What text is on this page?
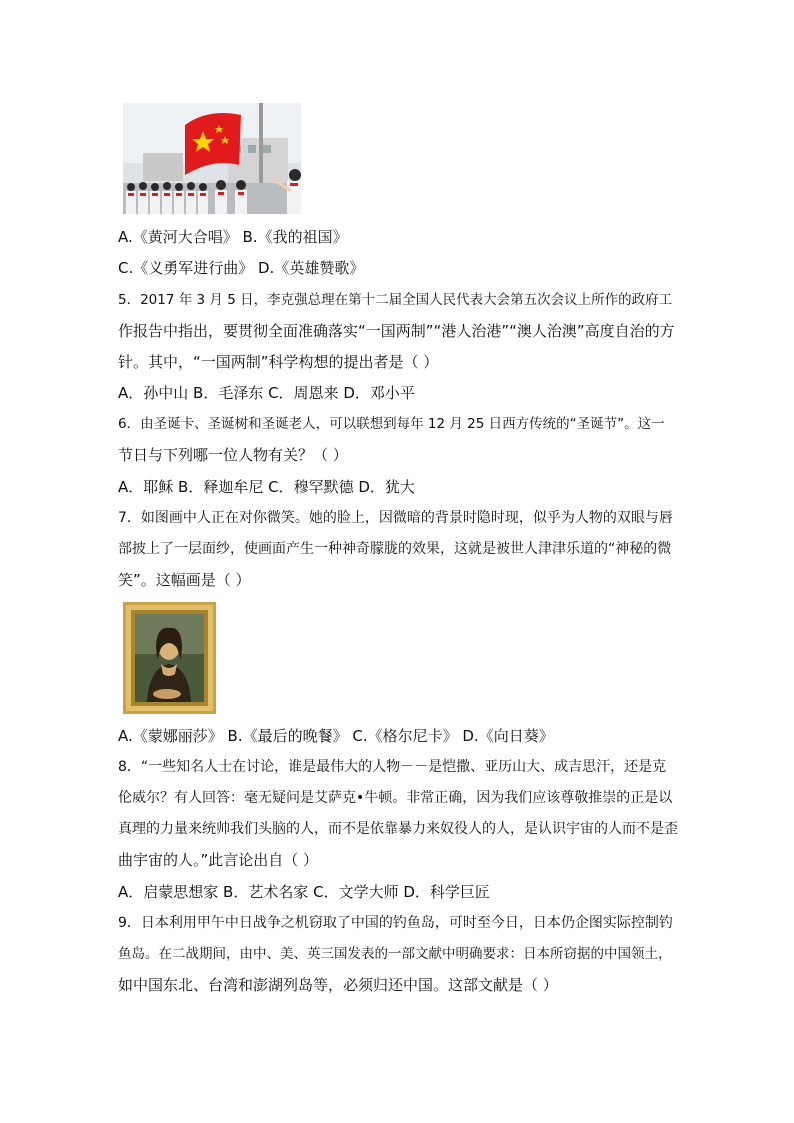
A.《黄河大合唱》 B.《我的祖国》
C.《义勇军进行曲》 D.《英雄赞歌》
5．2017 年 3 月 5 日，李克强总理在第十二届全国人民代表大会第五次会议上所作的政府工
作报告中指出，要贯彻全面准确落实“一国两制”“港人治港”“澳人治澳”高度自治的方
针。其中，“一国两制”科学构想的提出者是（ ）
A．孙中山 B．毛泽东 C．周恩来 D．邓小平
6．由圣诞卡、圣诞树和圣诞老人，可以联想到每年 12 月 25 日西方传统的“圣诞节”。这一
节日与下列哪一位人物有关？（ ）
A．耶稣 B．释迦牟尼 C．穆罕默德 D．犹大
7．如图画中人正在对你微笑。她的脸上，因微暗的背景时隐时现，似乎为人物的双眼与唇
部披上了一层面纱，使画面产生一种神奇朦胧的效果，这就是被世人津津乐道的“神秘的微
笑”。这幅画是（ ）
A.《蒙娜丽莎》 B.《最后的晚餐》 C.《格尔尼卡》 D.《向日葵》
8．“一些知名人士在讨论，谁是最伟大的人物－－是恺撒、亚历山大、成吉思汗，还是克
伦威尔？有人回答：毫无疑问是艾萨克•牛顿。非常正确，因为我们应该尊敬推崇的正是以
真理的力量来统帅我们头脑的人，而不是依靠暴力来奴役人的人，是认识宇宙的人而不是歪
曲宇宙的人。”此言论出自（ ）
A．启蒙思想家 B．艺术名家 C．文学大师 D．科学巨匠
9．日本利用甲午中日战争之机窃取了中国的钓鱼岛，可时至今日，日本仍企图实际控制钓
鱼岛。在二战期间，由中、美、英三国发表的一部文献中明确要求：日本所窃据的中国领土，
如中国东北、台湾和澎湖列岛等，必须归还中国。这部文献是（ ）
